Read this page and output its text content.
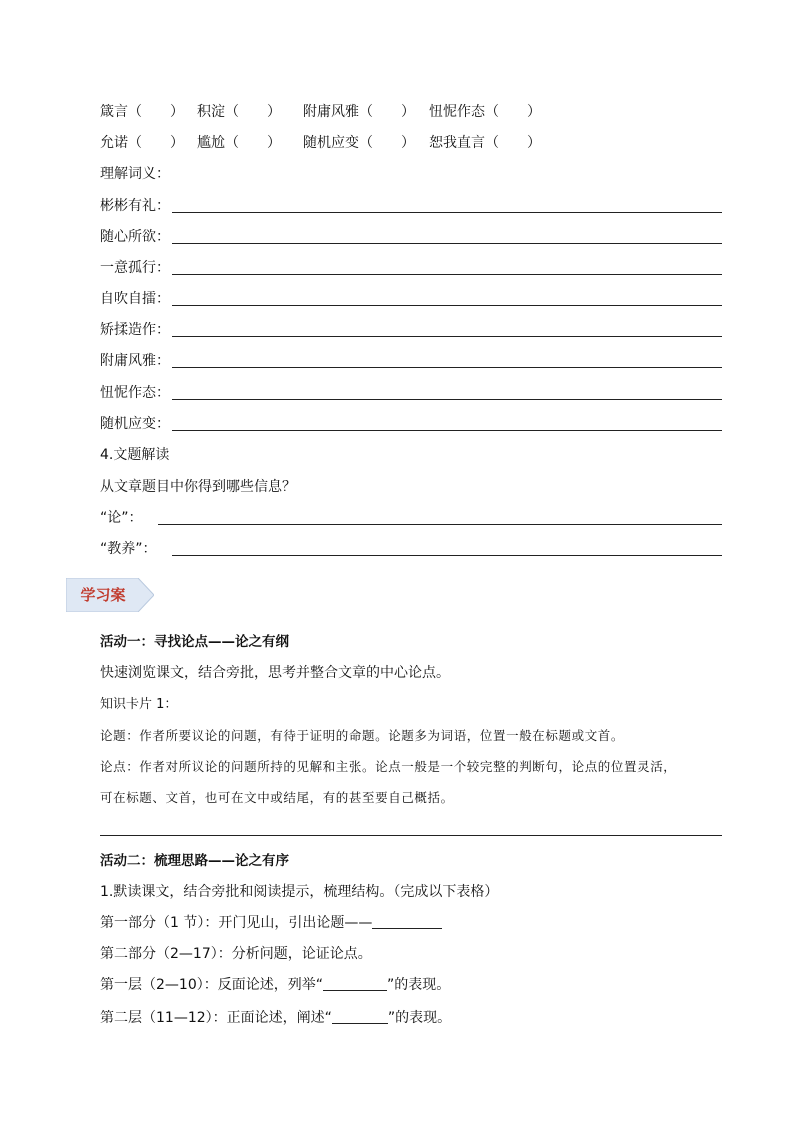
箴言（　　） 积淀（　　） 附庸风雅（　　） 忸怩作态（　　）
允诺（　　） 尴尬（　　） 随机应变（　　） 恕我直言（　　）
理解词义：
彬彬有礼：
随心所欲：
一意孤行：
自吹自擂：
矫揉造作：
附庸风雅：
忸怩作态：
随机应变：
4.文题解读
从文章题目中你得到哪些信息？
“论”：
“教养”：
学习案
活动一：寻找论点——论之有纲
快速浏览课文，结合旁批，思考并整合文章的中心论点。
知识卡片 1：
论题：作者所要议论的问题，有待于证明的命题。论题多为词语，位置一般在标题或文首。
论点：作者对所议论的问题所持的见解和主张。论点一般是一个较完整的判断句，论点的位置灵活，
可在标题、文首，也可在文中或结尾，有的甚至要自己概括。
活动二：梳理思路——论之有序
1.默读课文，结合旁批和阅读提示，梳理结构。（完成以下表格）
第一部分（1 节）：开门见山，引出论题——
第二部分（2—17）：分析问题，论证论点。
第一层（2—10）：反面论述，列举“	”的表现。
第二层（11—12）：正面论述，阐述“	”的表现。
